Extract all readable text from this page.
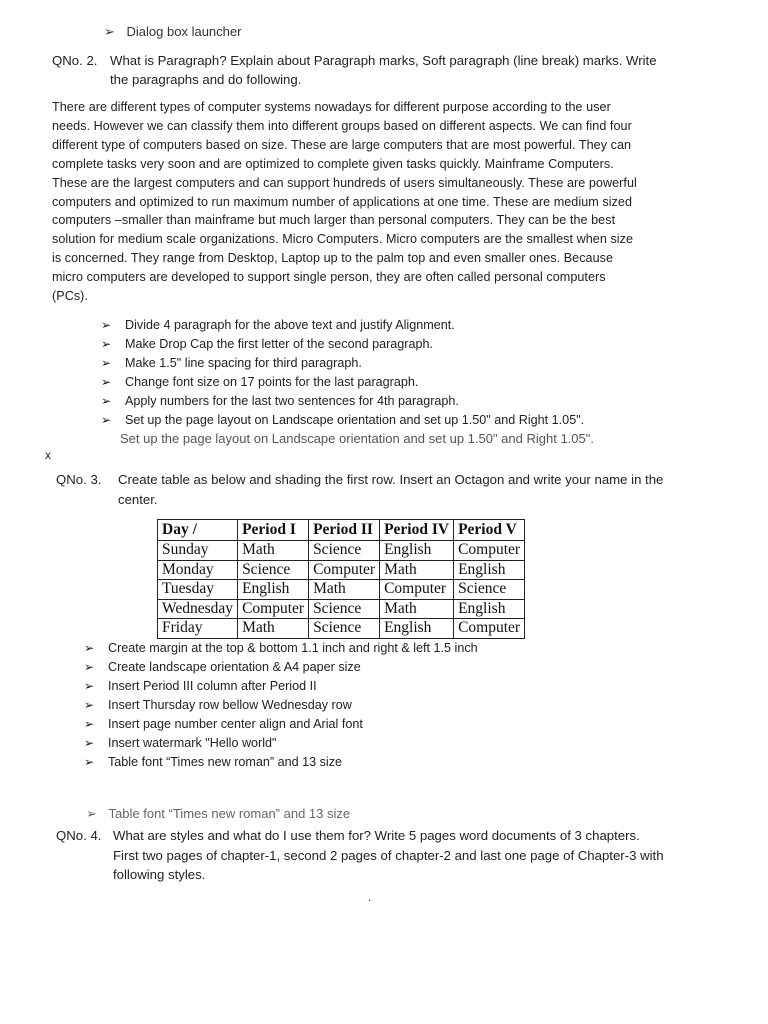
➢ Dialog box launcher
QNo. 2. What is Paragraph? Explain about Paragraph marks, Soft paragraph (line break) marks. Write
the paragraphs and do following.
There are different types of computer systems nowadays for different purpose according to the user
needs. However we can classify them into different groups based on different aspects. We can find four
different type of computers based on size. These are large computers that are most powerful. They can
complete tasks very soon and are optimized to complete given tasks quickly. Mainframe Computers.
These are the largest computers and can support hundreds of users simultaneously. These are powerful
computers and optimized to run maximum number of applications at one time. These are medium sized
computers –smaller than mainframe but much larger than personal computers. They can be the best
solution for medium scale organizations. Micro Computers. Micro computers are the smallest when size
is concerned. They range from Desktop, Laptop up to the palm top and even smaller ones. Because
micro computers are developed to support single person, they are often called personal computers
(PCs).
➢ Divide 4 paragraph for the above text and justify Alignment.
➢ Make Drop Cap the first letter of the second paragraph.
➢ Make 1.5" line spacing for third paragraph.
➢ Change font size on 17 points for the last paragraph.
➢ Apply numbers for the last two sentences for 4th paragraph.
➢ Set up the page layout on Landscape orientation and set up 1.50" and Right 1.05".
Set up the page layout on Landscape orientation and set up 1.50" and Right 1.05".
x
QNo. 3.	Create table as below and shading the first row. Insert an Octagon and write your name in the
center.
Day /	Period I	Period II	Period IV	Period V
Sunday	Math	Science	English	Computer
Monday	Science	Computer	Math	English
Tuesday	English	Math	Computer	Science
Wednesday	Computer	Science	Math	English
Friday	Math	Science	English	Computer
➢ Create margin at the top & bottom 1.1 inch and right & left 1.5 inch
➢ Create landscape orientation & A4 paper size
➢ Insert Period III column after Period II
➢ Insert Thursday row bellow Wednesday row
➢ Insert page number center align and Arial font
➢ Insert watermark "Hello world"
➢ Table font “Times new roman” and 13 size
➢ Table font “Times new roman” and 13 size
QNo. 4. What are styles and what do I use them for? Write 5 pages word documents of 3 chapters.
First two pages of chapter-1, second 2 pages of chapter-2 and last one page of Chapter-3 with
following styles.
.
